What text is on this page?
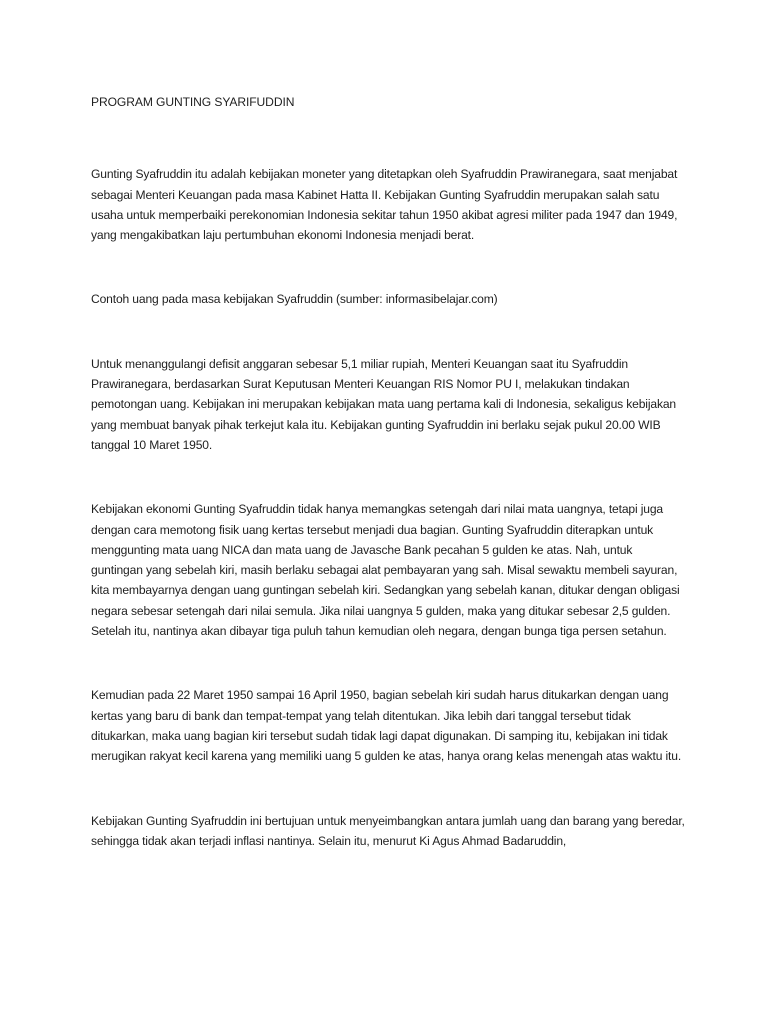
PROGRAM GUNTING SYARIFUDDIN

Gunting Syafruddin itu adalah kebijakan moneter yang ditetapkan oleh Syafruddin Prawiranegara, saat menjabat sebagai Menteri Keuangan pada masa Kabinet Hatta II. Kebijakan Gunting Syafruddin merupakan salah satu usaha untuk memperbaiki perekonomian Indonesia sekitar tahun 1950 akibat agresi militer pada 1947 dan 1949, yang mengakibatkan laju pertumbuhan ekonomi Indonesia menjadi berat.

Contoh uang pada masa kebijakan Syafruddin (sumber: informasibelajar.com)

Untuk menanggulangi defisit anggaran sebesar 5,1 miliar rupiah, Menteri Keuangan saat itu Syafruddin Prawiranegara, berdasarkan Surat Keputusan Menteri Keuangan RIS Nomor PU I, melakukan tindakan pemotongan uang. Kebijakan ini merupakan kebijakan mata uang pertama kali di Indonesia, sekaligus kebijakan yang membuat banyak pihak terkejut kala itu. Kebijakan gunting Syafruddin ini berlaku sejak pukul 20.00 WIB tanggal 10 Maret 1950.

Kebijakan ekonomi Gunting Syafruddin tidak hanya memangkas setengah dari nilai mata uangnya, tetapi juga dengan cara memotong fisik uang kertas tersebut menjadi dua bagian. Gunting Syafruddin diterapkan untuk menggunting mata uang NICA dan mata uang de Javasche Bank pecahan 5 gulden ke atas. Nah, untuk guntingan yang sebelah kiri, masih berlaku sebagai alat pembayaran yang sah. Misal sewaktu membeli sayuran, kita membayarnya dengan uang guntingan sebelah kiri. Sedangkan yang sebelah kanan, ditukar dengan obligasi negara sebesar setengah dari nilai semula. Jika nilai uangnya 5 gulden, maka yang ditukar sebesar 2,5 gulden. Setelah itu, nantinya akan dibayar tiga puluh tahun kemudian oleh negara, dengan bunga tiga persen setahun.

Kemudian pada 22 Maret 1950 sampai 16 April 1950, bagian sebelah kiri sudah harus ditukarkan dengan uang kertas yang baru di bank dan tempat-tempat yang telah ditentukan. Jika lebih dari tanggal tersebut tidak ditukarkan, maka uang bagian kiri tersebut sudah tidak lagi dapat digunakan. Di samping itu, kebijakan ini tidak merugikan rakyat kecil karena yang memiliki uang 5 gulden ke atas, hanya orang kelas menengah atas waktu itu.

Kebijakan Gunting Syafruddin ini bertujuan untuk menyeimbangkan antara jumlah uang dan barang yang beredar, sehingga tidak akan terjadi inflasi nantinya. Selain itu, menurut Ki Agus Ahmad Badaruddin,
